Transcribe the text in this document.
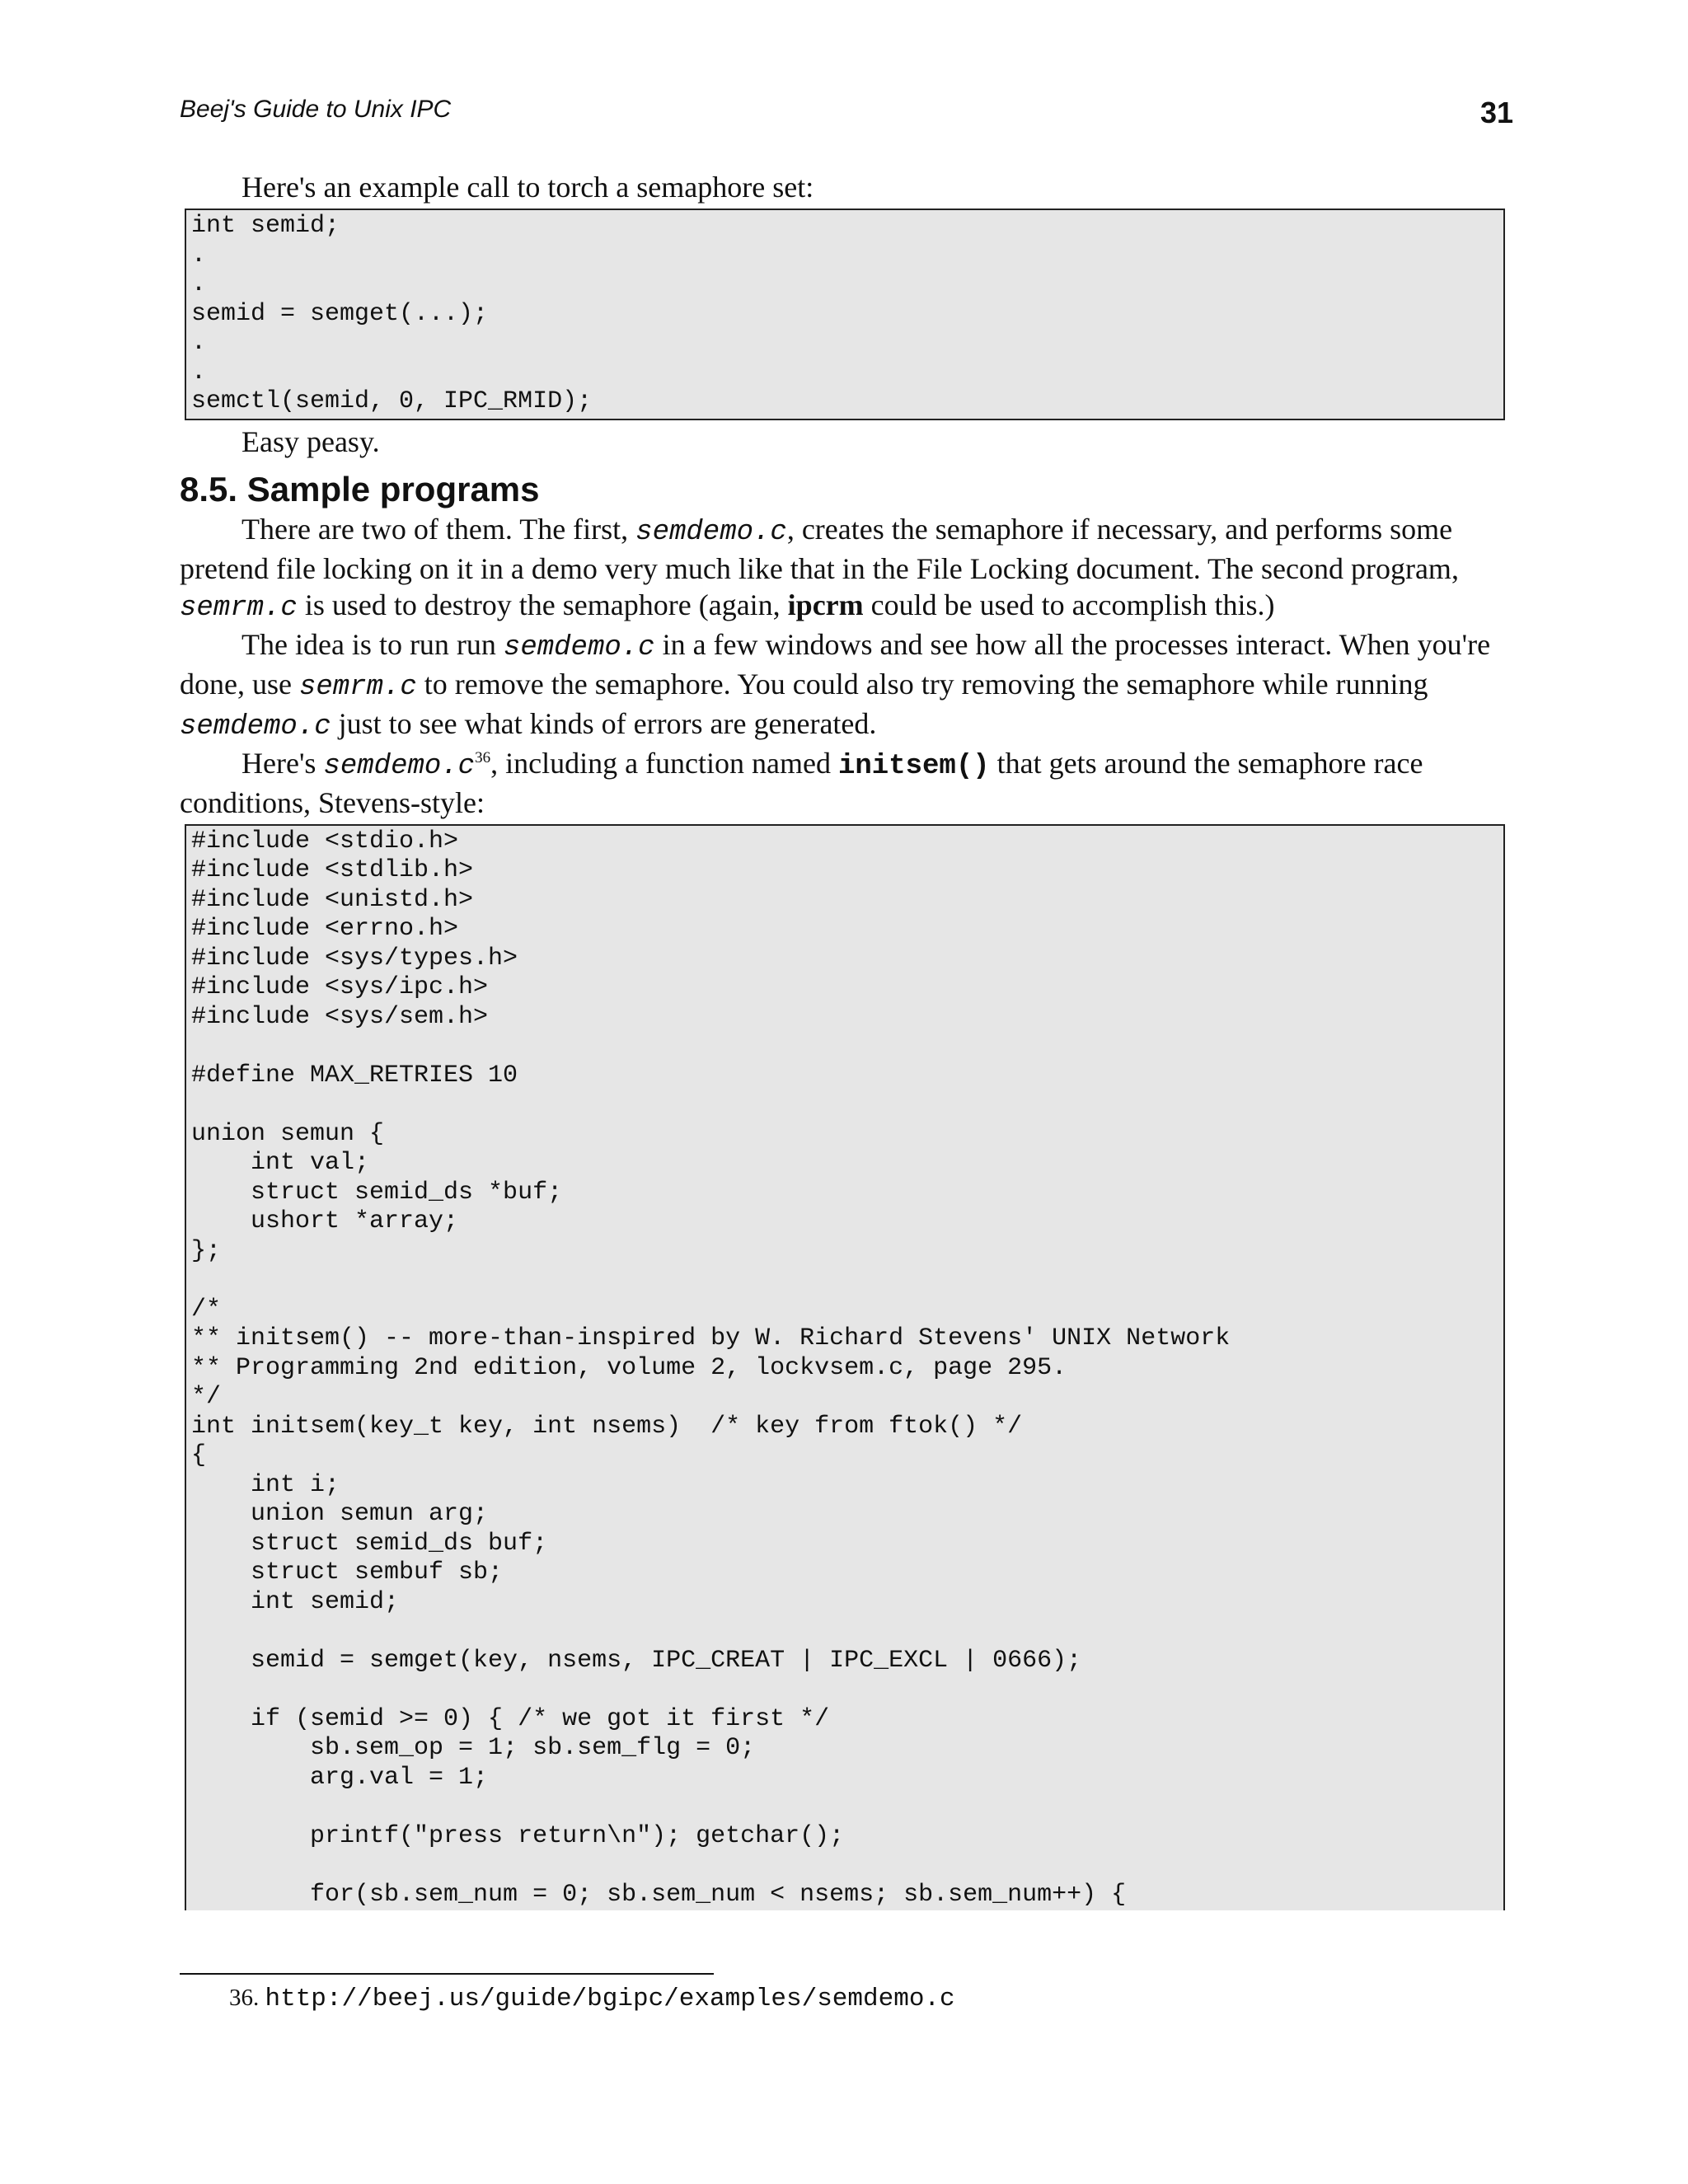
Beej's Guide to Unix IPC	31

Here's an example call to torch a semaphore set:

int semid;
.
.
semid = semget(...);
.
.
semctl(semid, 0, IPC_RMID);

Easy peasy.

8.5. Sample programs

There are two of them. The first, semdemo.c, creates the semaphore if necessary, and performs some pretend file locking on it in a demo very much like that in the File Locking document. The second program, semrm.c is used to destroy the semaphore (again, ipcrm could be used to accomplish this.)

The idea is to run run semdemo.c in a few windows and see how all the processes interact. When you're done, use semrm.c to remove the semaphore. You could also try removing the semaphore while running semdemo.c just to see what kinds of errors are generated.

Here's $semdemo.c^{36}$, including a function named initsem() that gets around the semaphore race conditions, Stevens-style:

#include <stdio.h>
#include <stdlib.h>
#include <unistd.h>
#include <errno.h>
#include <sys/types.h>
#include <sys/ipc.h>
#include <sys/sem.h>

#define MAX_RETRIES 10

union semun {
int val;
struct semid_ds *buf;
ushort *array;
};

/*
** initsem() -- more-than-inspired by W. Richard Stevens' UNIX Network
** Programming 2nd edition, volume 2, lockvsem.c, page 295.
*/
int initsem(key_t key, int nsems)  /* key from ftok() */
{
int i;
union semun arg;
struct semid_ds buf;
struct sembuf sb;
int semid;

semid = semget(key, nsems, IPC_CREAT | IPC_EXCL | 0666);

if (semid >= 0) { /* we got it first */
sb.sem_op = 1; sb.sem_flg = 0;
arg.val = 1;

printf("press return\n"); getchar();

for(sb.sem_num = 0; sb.sem_num < nsems; sb.sem_num++) {
36. http://beej.us/guide/bgipc/examples/semdemo.c
